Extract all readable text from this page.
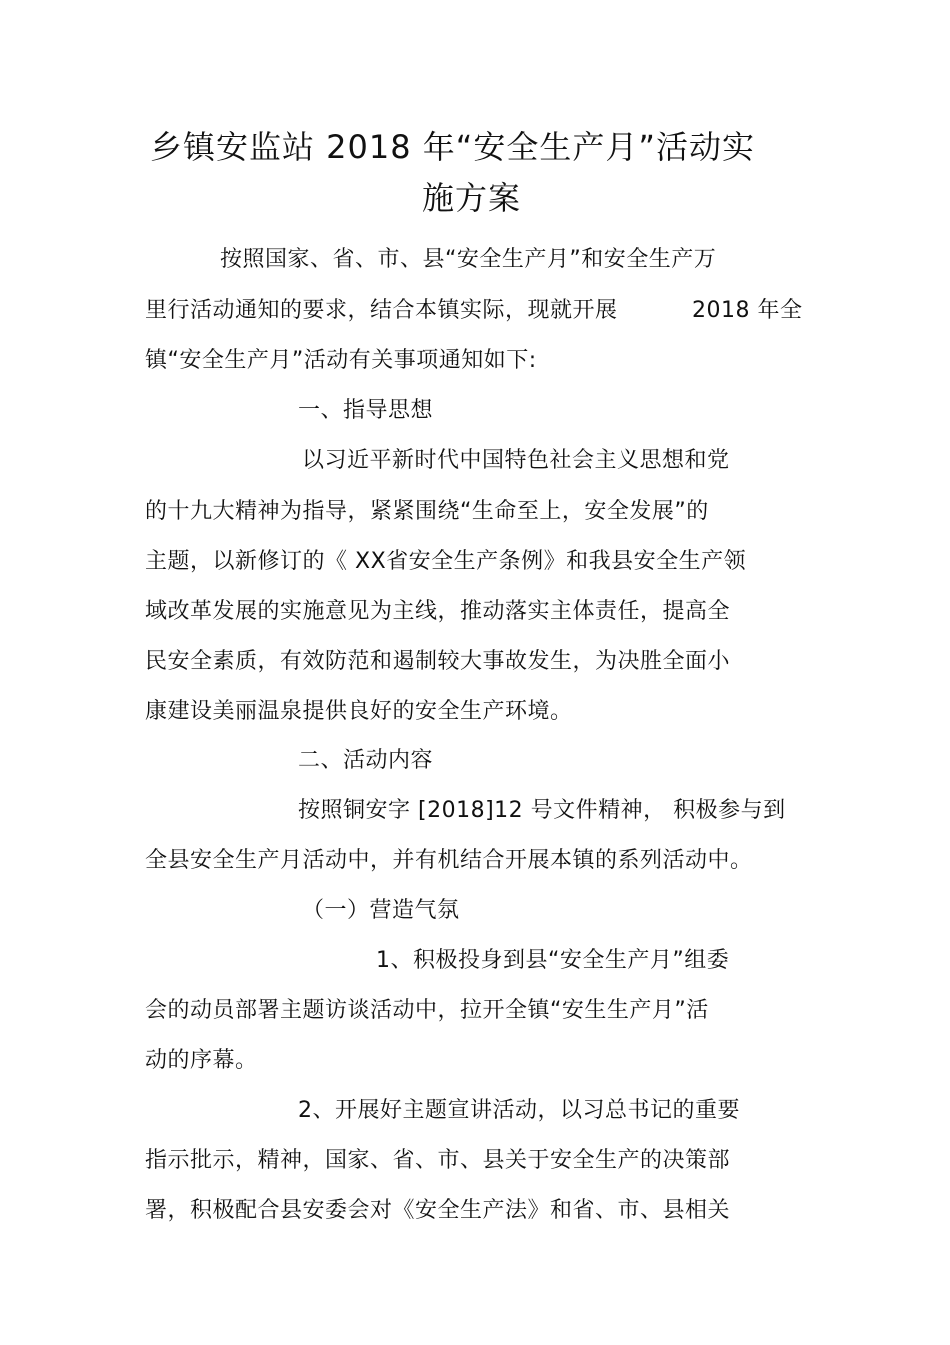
乡镇安监站 2018 年“安全生产月”活动实
施方案
按照国家、省、市、县“安全生产月”和安全生产万
里行活动通知的要求，结合本镇实际，现就开展	2018 年全
镇“安全生产月”活动有关事项通知如下:
一、指导思想
以习近平新时代中国特色社会主义思想和党
的十九大精神为指导，紧紧围绕“生命至上，安全发展”的
主题，以新修订的《 XX省安全生产条例》和我县安全生产领
域改革发展的实施意见为主线，推动落实主体责任，提高全
民安全素质，有效防范和遏制较大事故发生，为决胜全面小
康建设美丽温泉提供良好的安全生产环境。
二、活动内容
按照铜安字 [2018]12 号文件精神， 积极参与到
全县安全生产月活动中，并有机结合开展本镇的系列活动中。
（一）营造气氛
1、积极投身到县“安全生产月”组委
会的动员部署主题访谈活动中，拉开全镇“安生生产月”活
动的序幕。
2、开展好主题宣讲活动，以习总书记的重要
指示批示，精神，国家、省、市、县关于安全生产的决策部
署，积极配合县安委会对《安全生产法》和省、市、县相关
